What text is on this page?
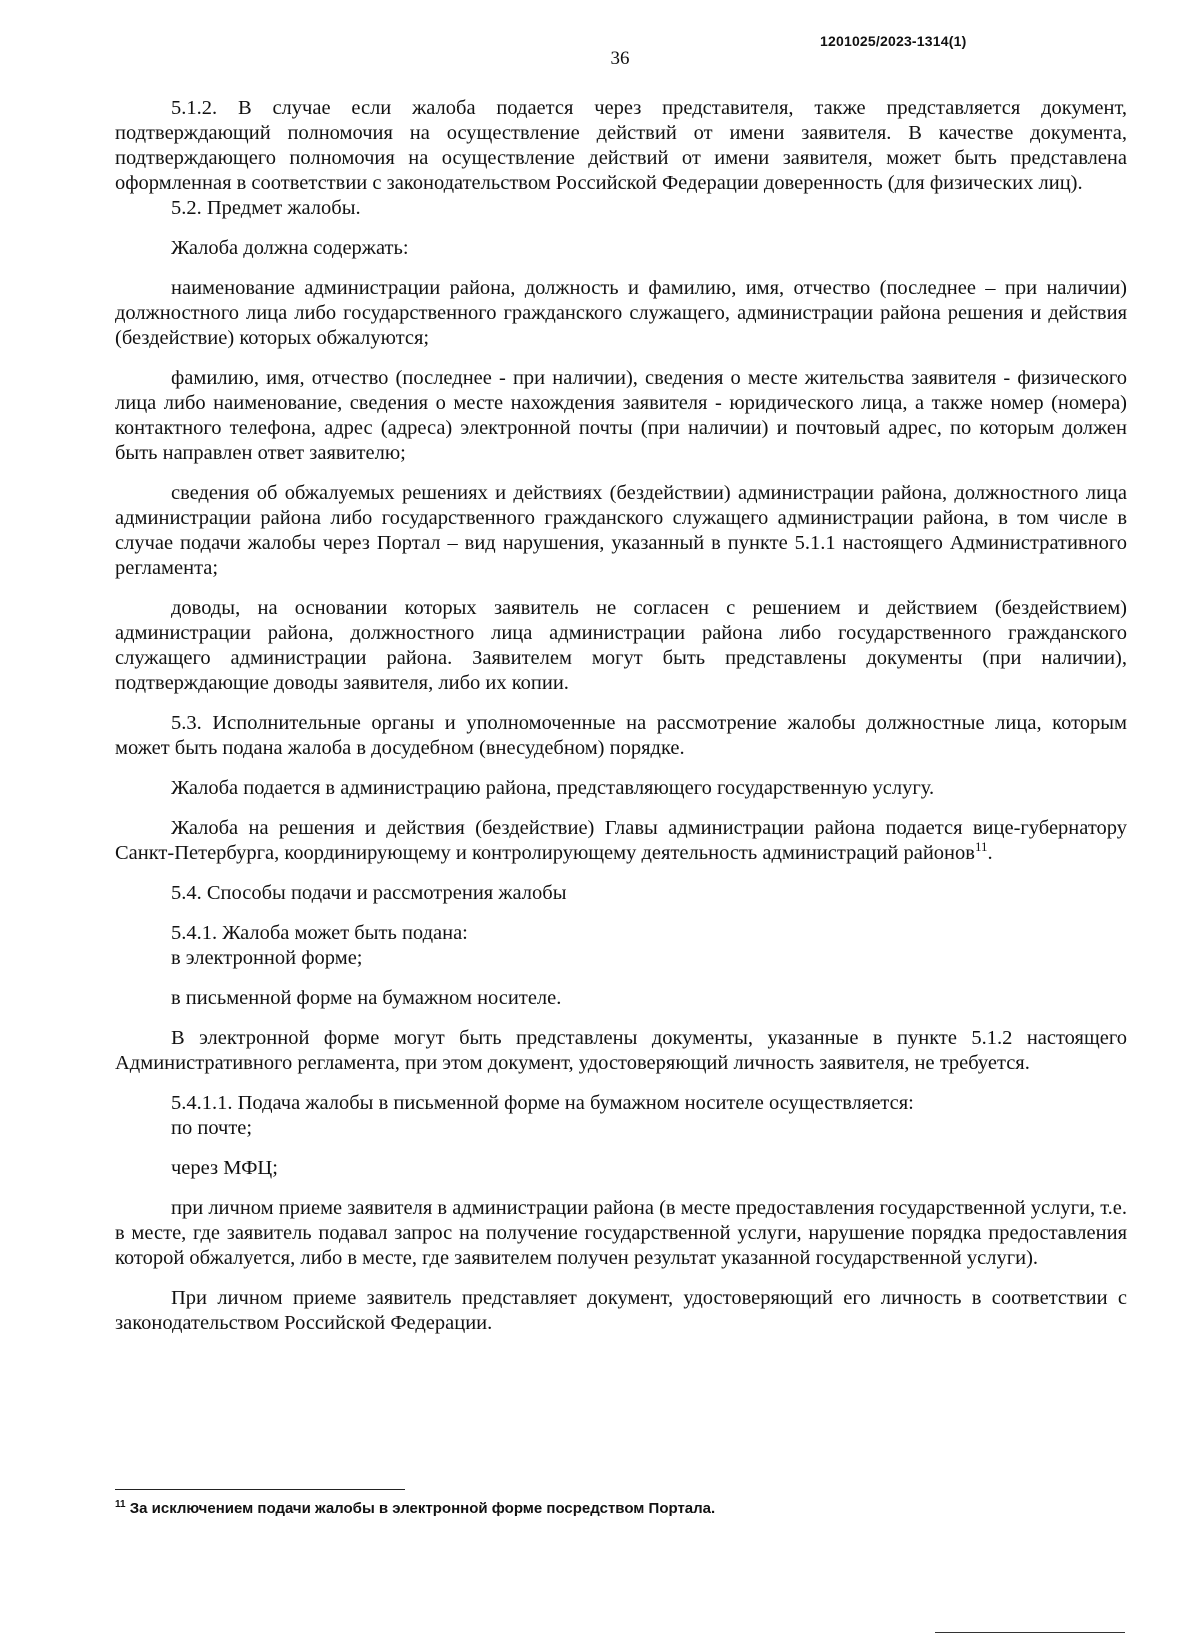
1201025/2023-1314(1)

36

5.1.2. В случае если жалоба подается через представителя, также представляется документ, подтверждающий полномочия на осуществление действий от имени заявителя. В качестве документа, подтверждающего полномочия на осуществление действий от имени заявителя, может быть представлена оформленная в соответствии с законодательством Российской Федерации доверенность (для физических лиц).

5.2. Предмет жалобы.

Жалоба должна содержать:

наименование администрации района, должность и фамилию, имя, отчество (последнее – при наличии) должностного лица либо государственного гражданского служащего, администрации района решения и действия (бездействие) которых обжалуются;

фамилию, имя, отчество (последнее - при наличии), сведения о месте жительства заявителя - физического лица либо наименование, сведения о месте нахождения заявителя - юридического лица, а также номер (номера) контактного телефона, адрес (адреса) электронной почты (при наличии) и почтовый адрес, по которым должен быть направлен ответ заявителю;

сведения об обжалуемых решениях и действиях (бездействии) администрации района, должностного лица администрации района либо государственного гражданского служащего администрации района, в том числе в случае подачи жалобы через Портал – вид нарушения, указанный в пункте 5.1.1 настоящего Административного регламента;

доводы, на основании которых заявитель не согласен с решением и действием (бездействием) администрации района, должностного лица администрации района либо государственного гражданского служащего администрации района. Заявителем могут быть представлены документы (при наличии), подтверждающие доводы заявителя, либо их копии.

5.3. Исполнительные органы и уполномоченные на рассмотрение жалобы должностные лица, которым может быть подана жалоба в досудебном (внесудебном) порядке.

Жалоба подается в администрацию района, представляющего государственную услугу.

Жалоба на решения и действия (бездействие) Главы администрации района подается вице-губернатору Санкт-Петербурга, координирующему и контролирующему деятельность администраций районов$^{11}$.

5.4. Способы подачи и рассмотрения жалобы

5.4.1. Жалоба может быть подана:

в электронной форме;

в письменной форме на бумажном носителе.

В электронной форме могут быть представлены документы, указанные в пункте 5.1.2 настоящего Административного регламента, при этом документ, удостоверяющий личность заявителя, не требуется.

5.4.1.1. Подача жалобы в письменной форме на бумажном носителе осуществляется:

по почте;

через МФЦ;

при личном приеме заявителя в администрации района (в месте предоставления государственной услуги, т.е. в месте, где заявитель подавал запрос на получение государственной услуги, нарушение порядка предоставления которой обжалуется, либо в месте, где заявителем получен результат указанной государственной услуги).

При личном приеме заявитель представляет документ, удостоверяющий его личность в соответствии с законодательством Российской Федерации.

$^{11}$ За исключением подачи жалобы в электронной форме посредством Портала.
